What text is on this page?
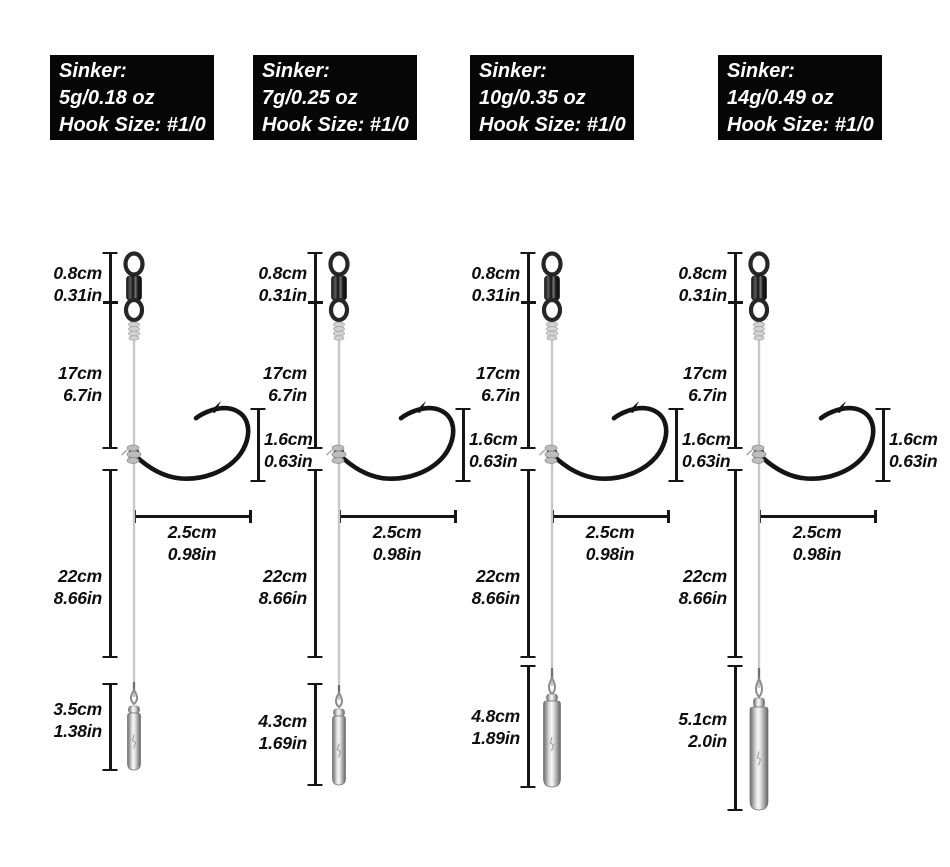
Sinker:
5g/0.18 oz
Hook Size: #1/0
Sinker:
7g/0.25 oz
Hook Size: #1/0
Sinker:
10g/0.35 oz
Hook Size: #1/0
Sinker:
14g/0.49 oz
Hook Size: #1/0
0.8cm
0.31in
17cm
6.7in
1.6cm
0.63in
2.5cm
0.98in
22cm
8.66in
3.5cm
1.38in
0.8cm
0.31in
17cm
6.7in
1.6cm
0.63in
2.5cm
0.98in
22cm
8.66in
4.3cm
1.69in
0.8cm
0.31in
17cm
6.7in
1.6cm
0.63in
2.5cm
0.98in
22cm
8.66in
4.8cm
1.89in
0.8cm
0.31in
17cm
6.7in
1.6cm
0.63in
2.5cm
0.98in
22cm
8.66in
5.1cm
2.0in
